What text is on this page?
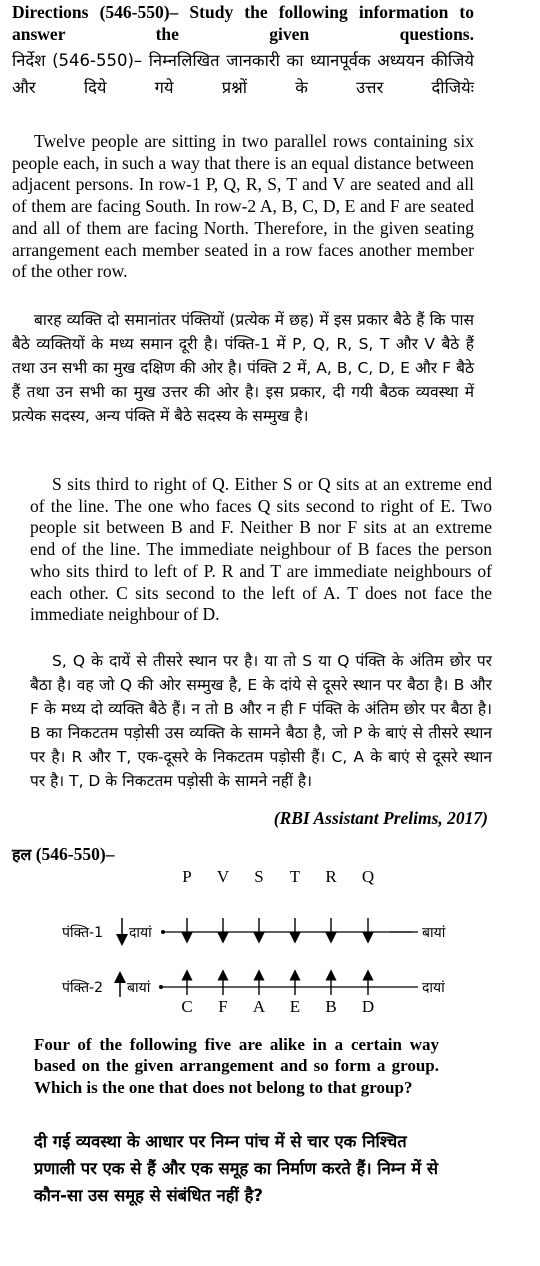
Directions (546-550)– Study the following information to answer the given questions.
निर्देश (546-550)– निम्नलिखित जानकारी का ध्यानपूर्वक अध्ययन कीजिये और दिये गये प्रश्नों के उत्तर दीजियेः
Twelve people are sitting in two parallel rows containing six people each, in such a way that there is an equal distance between adjacent persons. In row-1 P, Q, R, S, T and V are seated and all of them are facing South. In row-2 A, B, C, D, E and F are seated and all of them are facing North. Therefore, in the given seating arrangement each member seated in a row faces another member of the other row.
बारह व्यक्ति दो समानांतर पंक्तियों (प्रत्येक में छह) में इस प्रकार बैठे हैं कि पास बैठे व्यक्तियों के मध्य समान दूरी है। पंक्ति-1 में P, Q, R, S, T और V बैठे हैं तथा उन सभी का मुख दक्षिण की ओर है। पंक्ति 2 में, A, B, C, D, E और F बैठे हैं तथा उन सभी का मुख उत्तर की ओर है। इस प्रकार, दी गयी बैठक व्यवस्था में प्रत्येक सदस्य, अन्य पंक्ति में बैठे सदस्य के सम्मुख है।
S sits third to right of Q. Either S or Q sits at an extreme end of the line. The one who faces Q sits second to right of E. Two people sit between B and F. Neither B nor F sits at an extreme end of the line. The immediate neighbour of B faces the person who sits third to left of P. R and T are immediate neighbours of each other. C sits second to the left of A. T does not face the immediate neighbour of D.
S, Q के दायें से तीसरे स्थान पर है। या तो S या Q पंक्ति के अंतिम छोर पर बैठा है। वह जो Q की ओर सम्मुख है, E के दांये से दूसरे स्थान पर बैठा है। B और F के मध्य दो व्यक्ति बैठे हैं। न तो B और न ही F पंक्ति के अंतिम छोर पर बैठा है। B का निकटतम पड़ोसी उस व्यक्ति के सामने बैठा है, जो P के बाएं से तीसरे स्थान पर है। R और T, एक-दूसरे के निकटतम पड़ोसी हैं। C, A के बाएं से दूसरे स्थान पर है। T, D के निकटतम पड़ोसी के सामने नहीं है।
(RBI Assistant Prelims, 2017)
हल (546-550)–
पंक्ति-1 दायां	बायां
P V S T R Q
पंक्ति-2 बायां	दायां
C F A E B D
Four of the following five are alike in a certain way based on the given arrangement and so form a group. Which is the one that does not belong to that group?
दी गई व्यवस्था के आधार पर निम्न पांच में से चार एक निश्चित प्रणाली पर एक से हैं और एक समूह का निर्माण करते हैं। निम्न में से कौन-सा उस समूह से संबंधित नहीं है?
